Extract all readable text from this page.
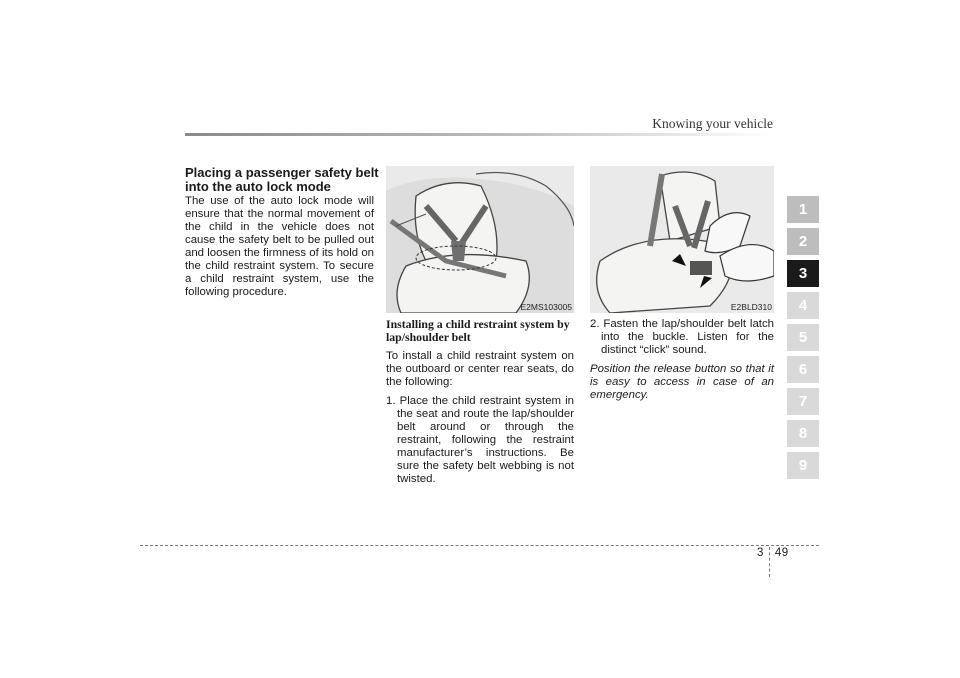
Knowing your vehicle
Placing a passenger safety belt into the auto lock mode

The use of the auto lock mode will ensure that the normal movement of the child in the vehicle does not cause the safety belt to be pulled out and loosen the firmness of its hold on the child restraint system. To secure a child restraint system, use the following procedure.

E2MS103005	E2BLD310

Installing a child restraint system by lap/shoulder belt

To install a child restraint system on the outboard or center rear seats, do the following:

1. Place the child restraint system in the seat and route the lap/shoulder belt around or through the restraint, following the restraint manufacturer’s instructions. Be sure the safety belt webbing is not twisted.

2. Fasten the lap/shoulder belt latch into the buckle. Listen for the distinct “click” sound.

Position the release button so that it is easy to access in case of an emergency.

1
2
3
4
5
6
7
8
9
3 49
